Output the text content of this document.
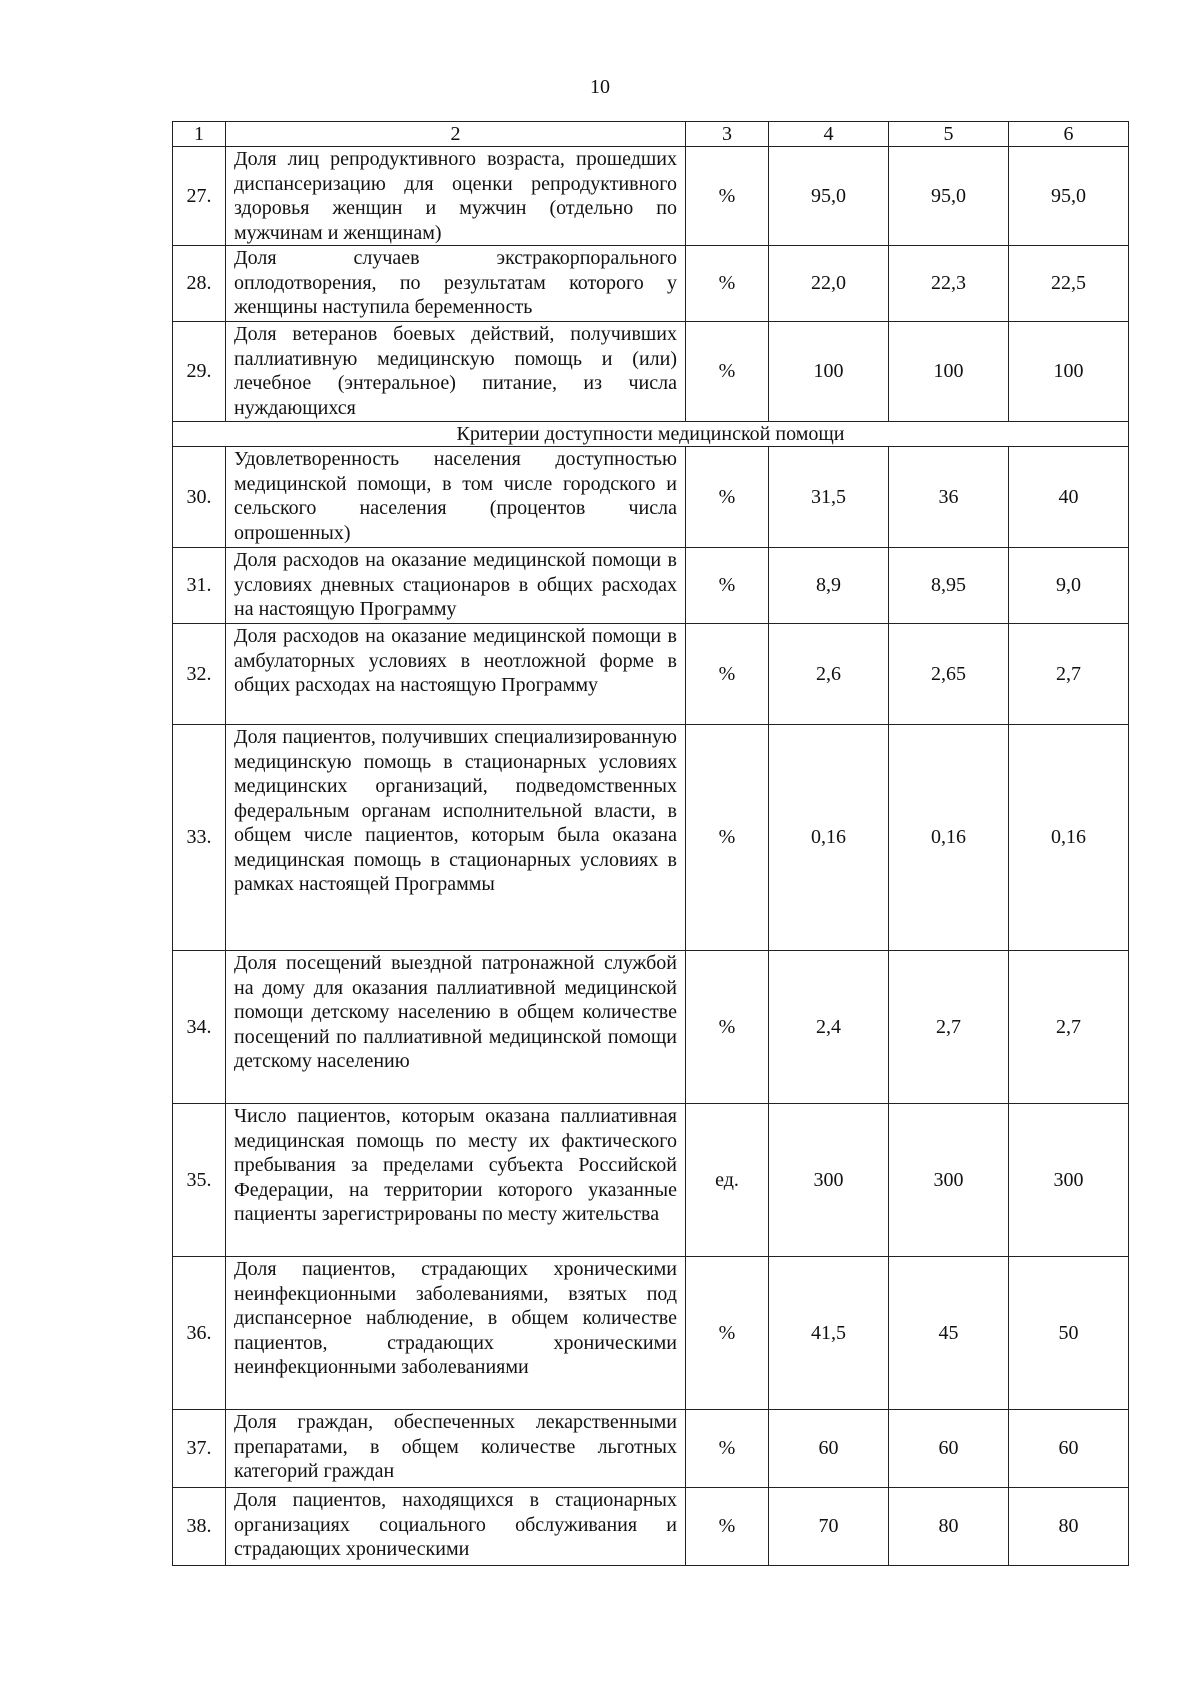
10
1	2	3	4	5	6
27.	Доля лиц репродуктивного возраста, прошедших диспансеризацию для оценки репродуктивного здоровья женщин и мужчин (отдельно по мужчинам и женщинам)	%	95,0	95,0	95,0
28.	Доля случаев экстракорпорального оплодотворения, по результатам которого у женщины наступила беременность	%	22,0	22,3	22,5
29.	Доля ветеранов боевых действий, получивших паллиативную медицинскую помощь и (или) лечебное (энтеральное) питание, из числа нуждающихся	%	100	100	100
Критерии доступности медицинской помощи					
30.	Удовлетворенность населения доступностью медицинской помощи, в том числе городского и сельского населения (процентов числа опрошенных)	%	31,5	36	40
31.	Доля расходов на оказание медицинской помощи в условиях дневных стационаров в общих расходах на настоящую Программу	%	8,9	8,95	9,0
32.	Доля расходов на оказание медицинской помощи в амбулаторных условиях в неотложной форме в общих расходах на настоящую Программу	%	2,6	2,65	2,7
33.	Доля пациентов, получивших специализированную медицинскую помощь в стационарных условиях медицинских организаций, подведомственных федеральным органам исполнительной власти, в общем числе пациентов, которым была оказана медицинская помощь в стационарных условиях в рамках настоящей Программы	%	0,16	0,16	0,16
34.	Доля посещений выездной патронажной службой на дому для оказания паллиативной медицинской помощи детскому населению в общем количестве посещений по паллиативной медицинской помощи детскому населению	%	2,4	2,7	2,7
35.	Число пациентов, которым оказана паллиативная медицинская помощь по месту их фактического пребывания за пределами субъекта Российской Федерации, на территории которого указанные пациенты зарегистрированы по месту жительства	ед.	300	300	300
36.	Доля пациентов, страдающих хроническими неинфекционными заболеваниями, взятых под диспансерное наблюдение, в общем количестве пациентов, страдающих хроническими неинфекционными заболеваниями	%	41,5	45	50
37.	Доля граждан, обеспеченных лекарственными препаратами, в общем количестве льготных категорий граждан	%	60	60	60
38.	Доля пациентов, находящихся в стационарных организациях социального обслуживания и страдающих хроническими	%	70	80	80
